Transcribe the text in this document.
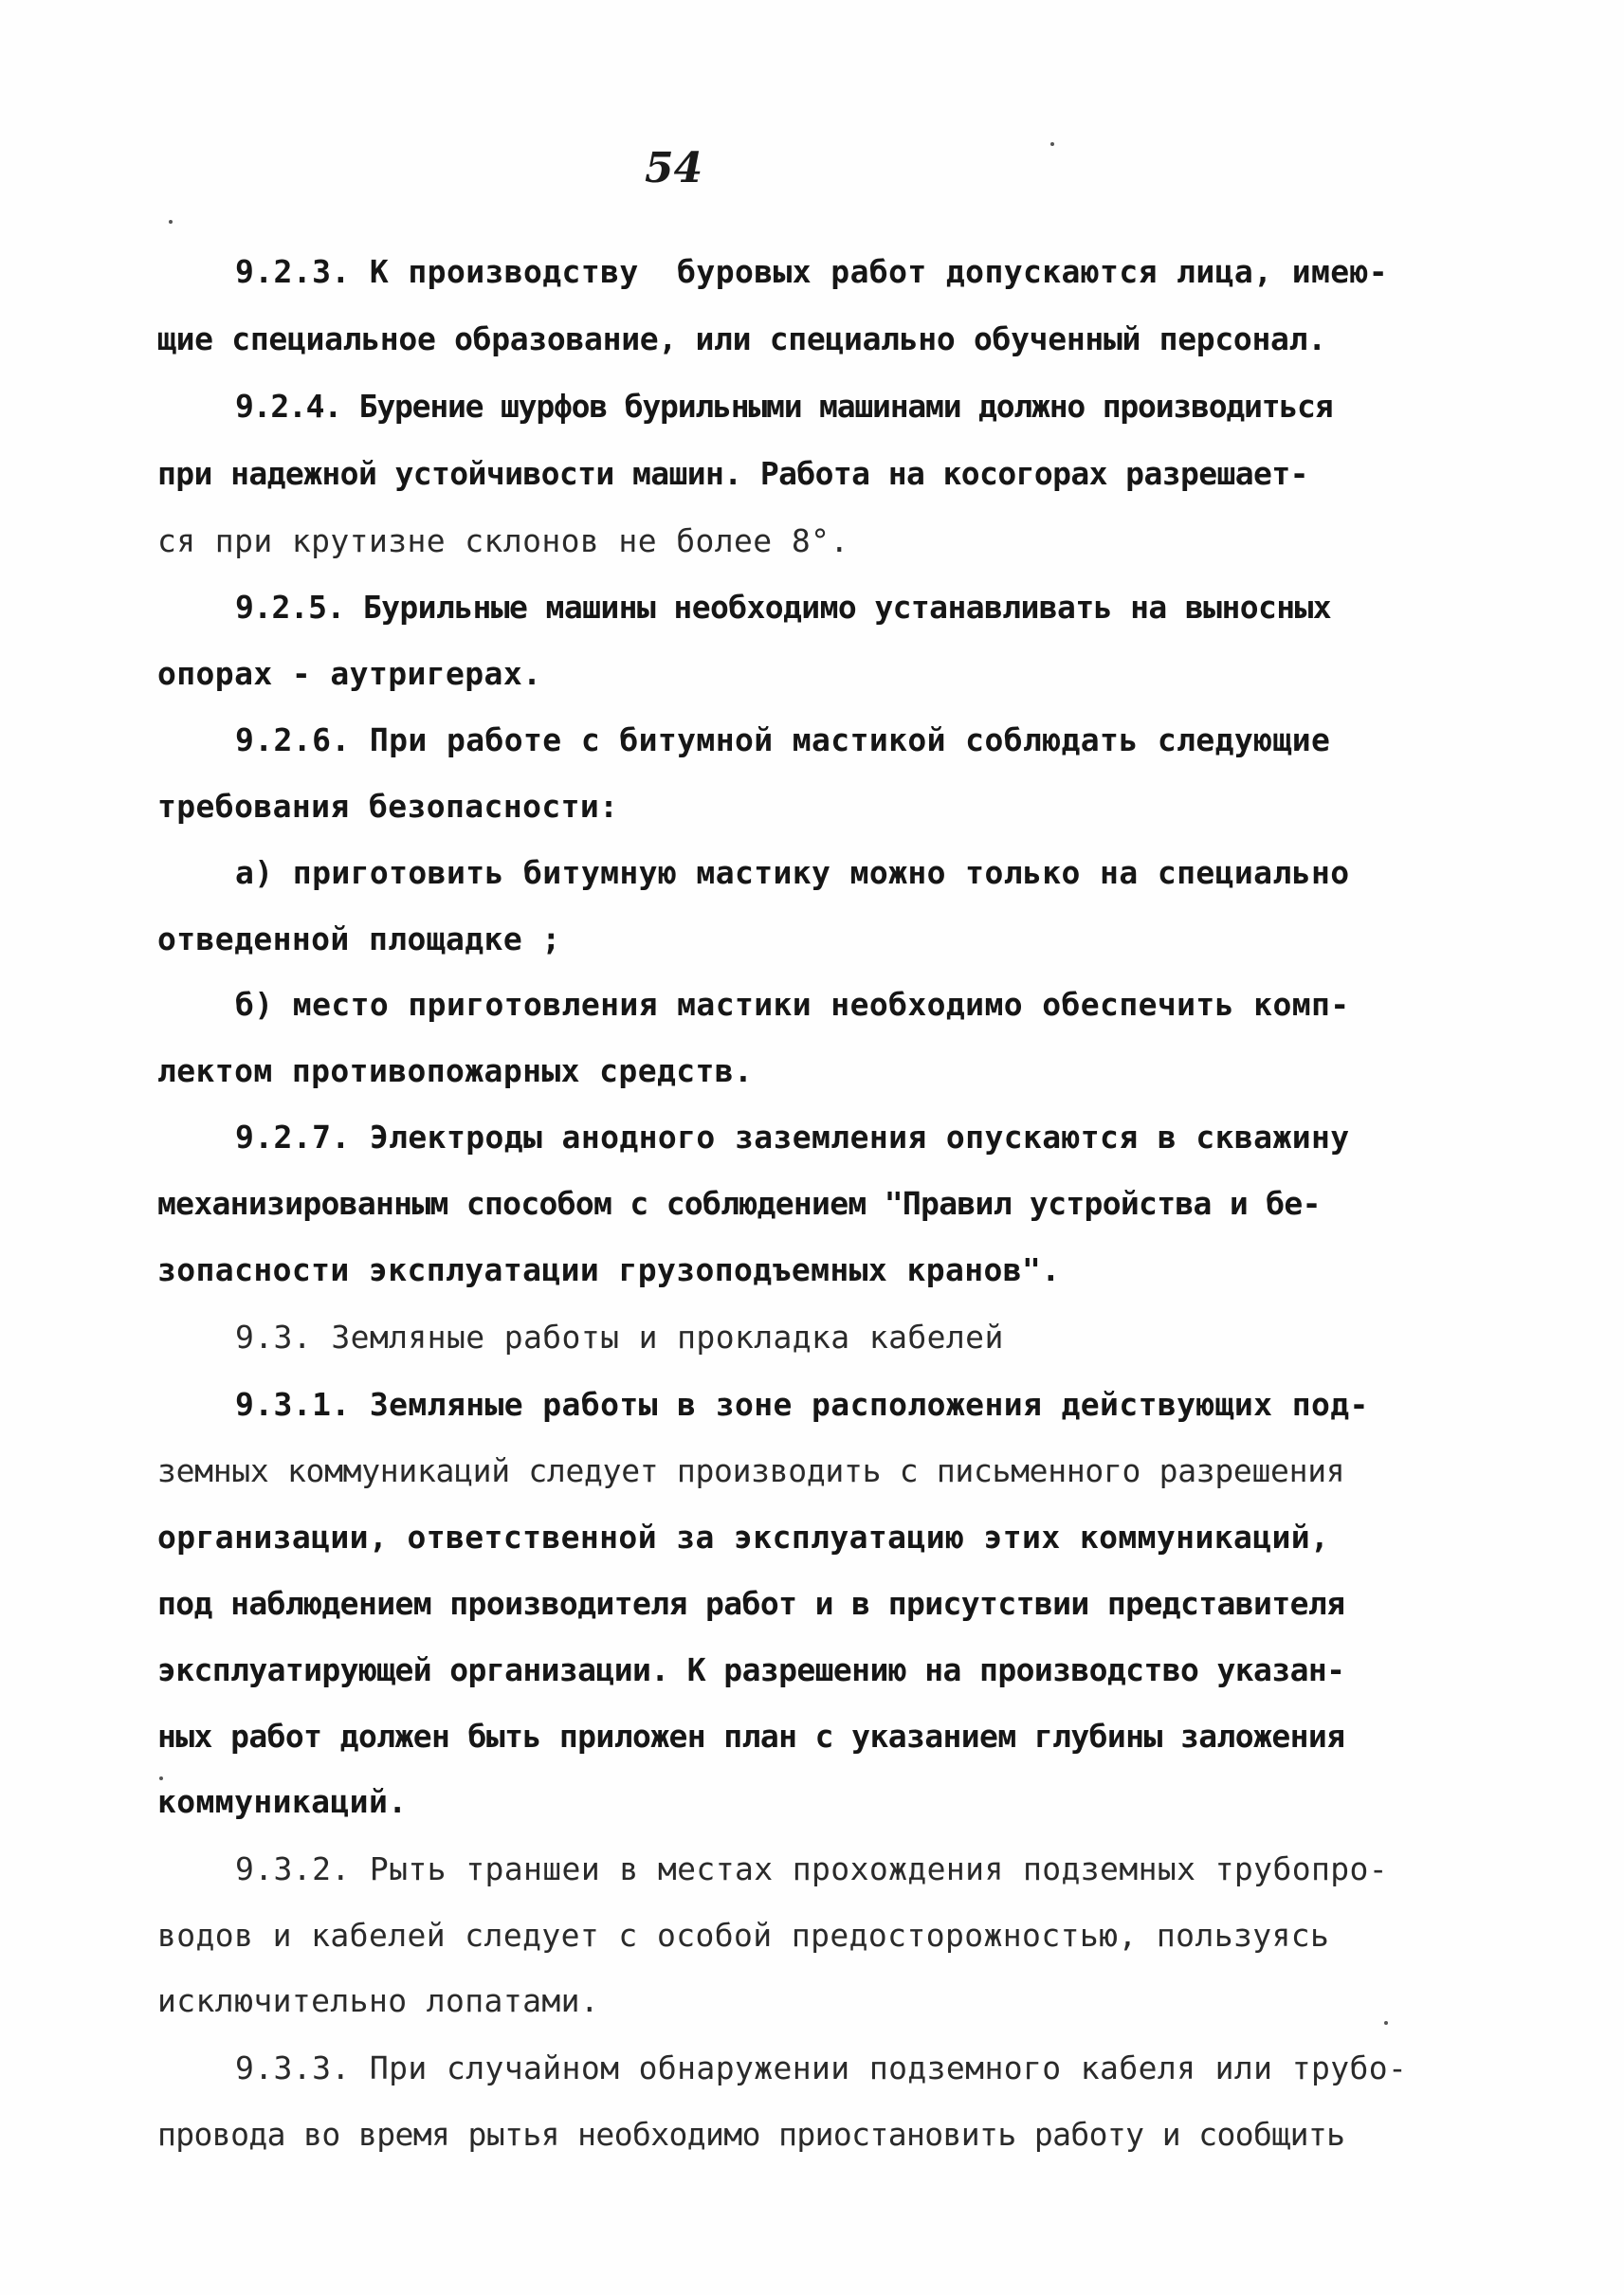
54
9.2.3. К производству  буровых работ допускаются лица, имею-
щие специальное образование, или специально обученный персонал.
9.2.4. Бурение шурфов бурильными машинами должно производиться
при надежной устойчивости машин. Работа на косогорах разрешает-
ся при крутизне склонов не более 8°.
9.2.5. Бурильные машины необходимо устанавливать на выносных
опорах - аутригерах.
9.2.6. При работе с битумной мастикой соблюдать следующие
требования безопасности:
а) приготовить битумную мастику можно только на специально
отведенной площадке ;
б) место приготовления мастики необходимо обеспечить комп-
лектом противопожарных средств.
9.2.7. Электроды анодного заземления опускаются в скважину
механизированным способом с соблюдением "Правил устройства и бе-
зопасности эксплуатации грузоподъемных кранов".
9.3. Земляные работы и прокладка кабелей
9.3.1. Земляные работы в зоне расположения действующих под-
земных коммуникаций следует производить с письменного разрешения
организации, ответственной за эксплуатацию этих коммуникаций,
под наблюдением производителя работ и в присутствии представителя
эксплуатирующей организации. К разрешению на производство указан-
ных работ должен быть приложен план с указанием глубины заложения
коммуникаций.
9.3.2. Рыть траншеи в местах прохождения подземных трубопро-
водов и кабелей следует с особой предосторожностью, пользуясь
исключительно лопатами.
9.3.3. При случайном обнаружении подземного кабеля или трубо-
провода во время рытья необходимо приостановить работу и сообщить
